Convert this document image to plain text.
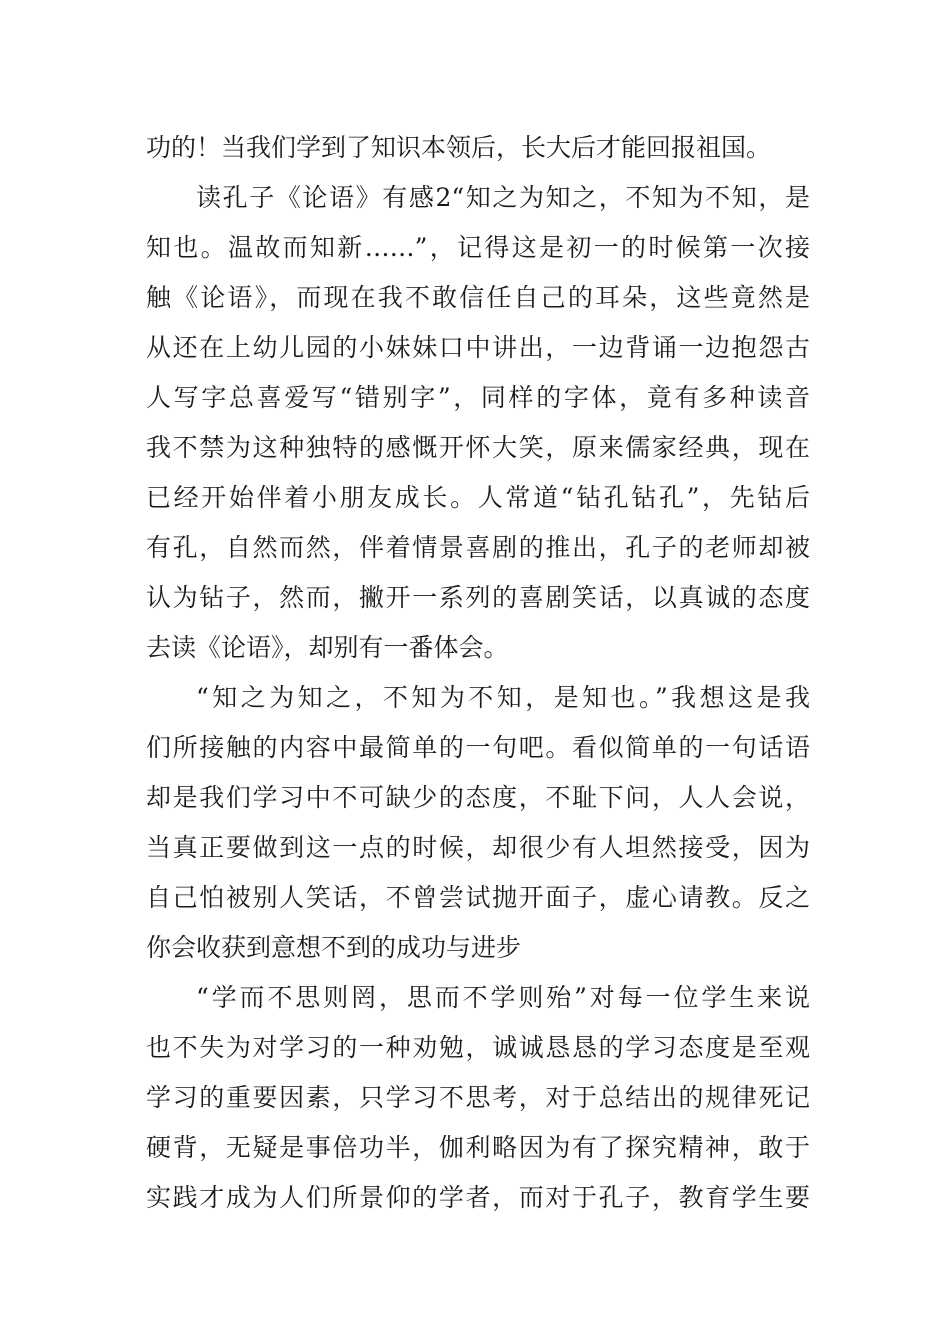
功的！当我们学到了知识本领后，长大后才能回报祖国。
读孔子《论语》有感2“知之为知之，不知为不知，是
知也。温故而知新……”，记得这是初一的时候第一次接
触《论语》，而现在我不敢信任自己的耳朵，这些竟然是
从还在上幼儿园的小妹妹口中讲出，一边背诵一边抱怨古
人写字总喜爱写“错别字”，同样的字体，竟有多种读音
我不禁为这种独特的感慨开怀大笑，原来儒家经典，现在
已经开始伴着小朋友成长。人常道“钻孔钻孔”，先钻后
有孔，自然而然，伴着情景喜剧的推出，孔子的老师却被
认为钻子，然而，撇开一系列的喜剧笑话，以真诚的态度
去读《论语》，却别有一番体会。
“知之为知之，不知为不知，是知也。”我想这是我
们所接触的内容中最简单的一句吧。看似简单的一句话语
却是我们学习中不可缺少的态度，不耻下问，人人会说，
当真正要做到这一点的时候，却很少有人坦然接受，因为
自己怕被别人笑话，不曾尝试抛开面子，虚心请教。反之
你会收获到意想不到的成功与进步
“学而不思则罔，思而不学则殆”对每一位学生来说
也不失为对学习的一种劝勉，诚诚恳恳的学习态度是至观
学习的重要因素，只学习不思考，对于总结出的规律死记
硬背，无疑是事倍功半，伽利略因为有了探究精神，敢于
实践才成为人们所景仰的学者，而对于孔子，教育学生要
